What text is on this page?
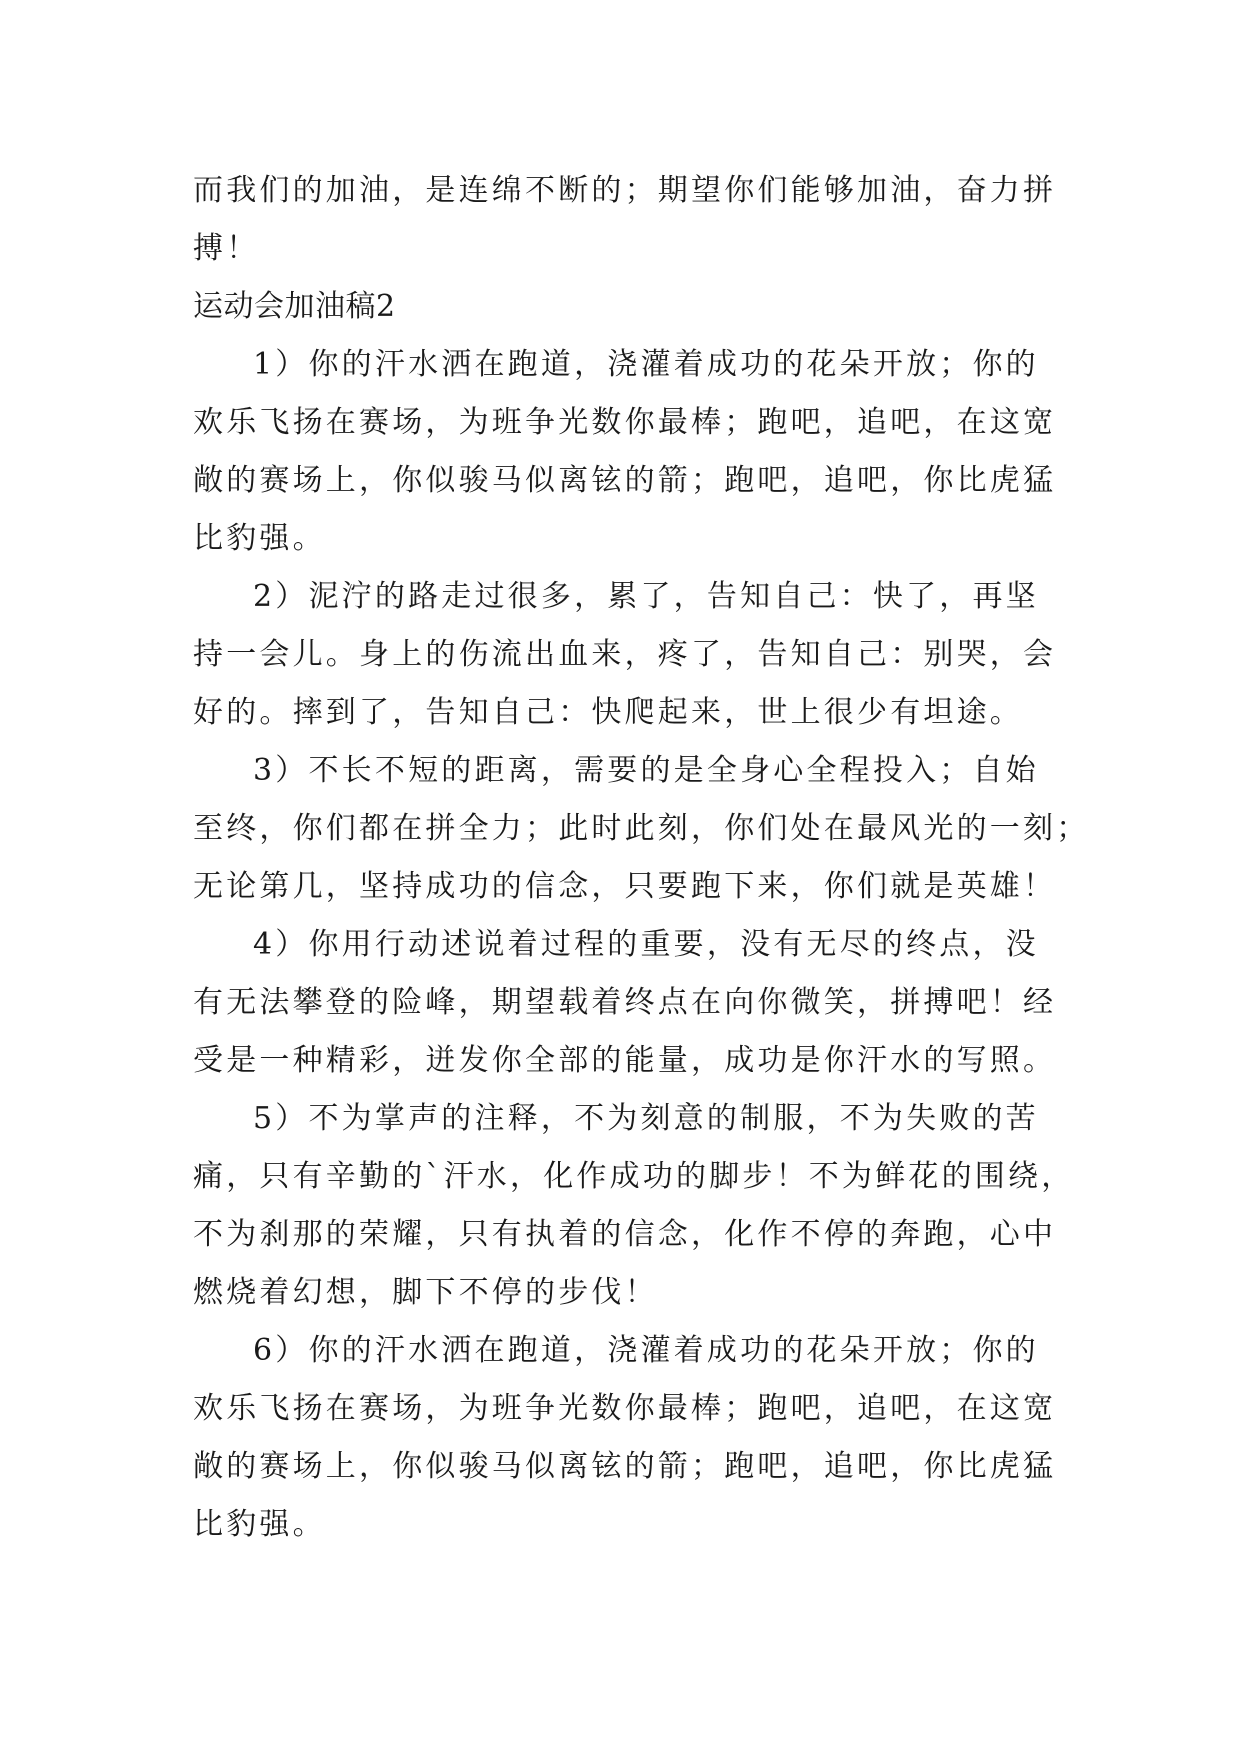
而我们的加油，是连绵不断的；期望你们能够加油，奋力拼
搏！
运动会加油稿2
1）你的汗水洒在跑道，浇灌着成功的花朵开放；你的
欢乐飞扬在赛场，为班争光数你最棒；跑吧，追吧，在这宽
敞的赛场上，你似骏马似离铉的箭；跑吧，追吧，你比虎猛
比豹强。
2）泥泞的路走过很多，累了，告知自己：快了，再坚
持一会儿。身上的伤流出血来，疼了，告知自己：别哭，会
好的。摔到了，告知自己：快爬起来，世上很少有坦途。
3）不长不短的距离，需要的是全身心全程投入；自始
至终，你们都在拼全力；此时此刻，你们处在最风光的一刻；
无论第几，坚持成功的信念，只要跑下来，你们就是英雄！
4）你用行动述说着过程的重要，没有无尽的终点，没
有无法攀登的险峰，期望载着终点在向你微笑，拼搏吧！经
受是一种精彩，迸发你全部的能量，成功是你汗水的写照。
5）不为掌声的注释，不为刻意的制服，不为失败的苦
痛，只有辛勤的`汗水，化作成功的脚步！不为鲜花的围绕，
不为刹那的荣耀，只有执着的信念，化作不停的奔跑，心中
燃烧着幻想，脚下不停的步伐！
6）你的汗水洒在跑道，浇灌着成功的花朵开放；你的
欢乐飞扬在赛场，为班争光数你最棒；跑吧，追吧，在这宽
敞的赛场上，你似骏马似离铉的箭；跑吧，追吧，你比虎猛
比豹强。
